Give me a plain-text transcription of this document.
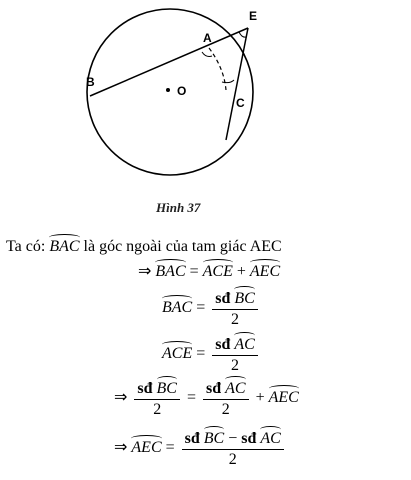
E
A
B
O
C
Hình 37
Ta có: BAC là góc ngoài của tam giác AEC
⇒ BAC = ACE + AEC
BAC = $\frac{\text{sđ BC}}{2}$
ACE = $\frac{\text{sđ AC}}{2}$
⇒ $\frac{\text{sđ BC}}{2} = \frac{\text{sđ AC}}{2}$ + AEC
⇒ AEC = $\frac{\text{sđ BC − sđ AC}}{2}$
